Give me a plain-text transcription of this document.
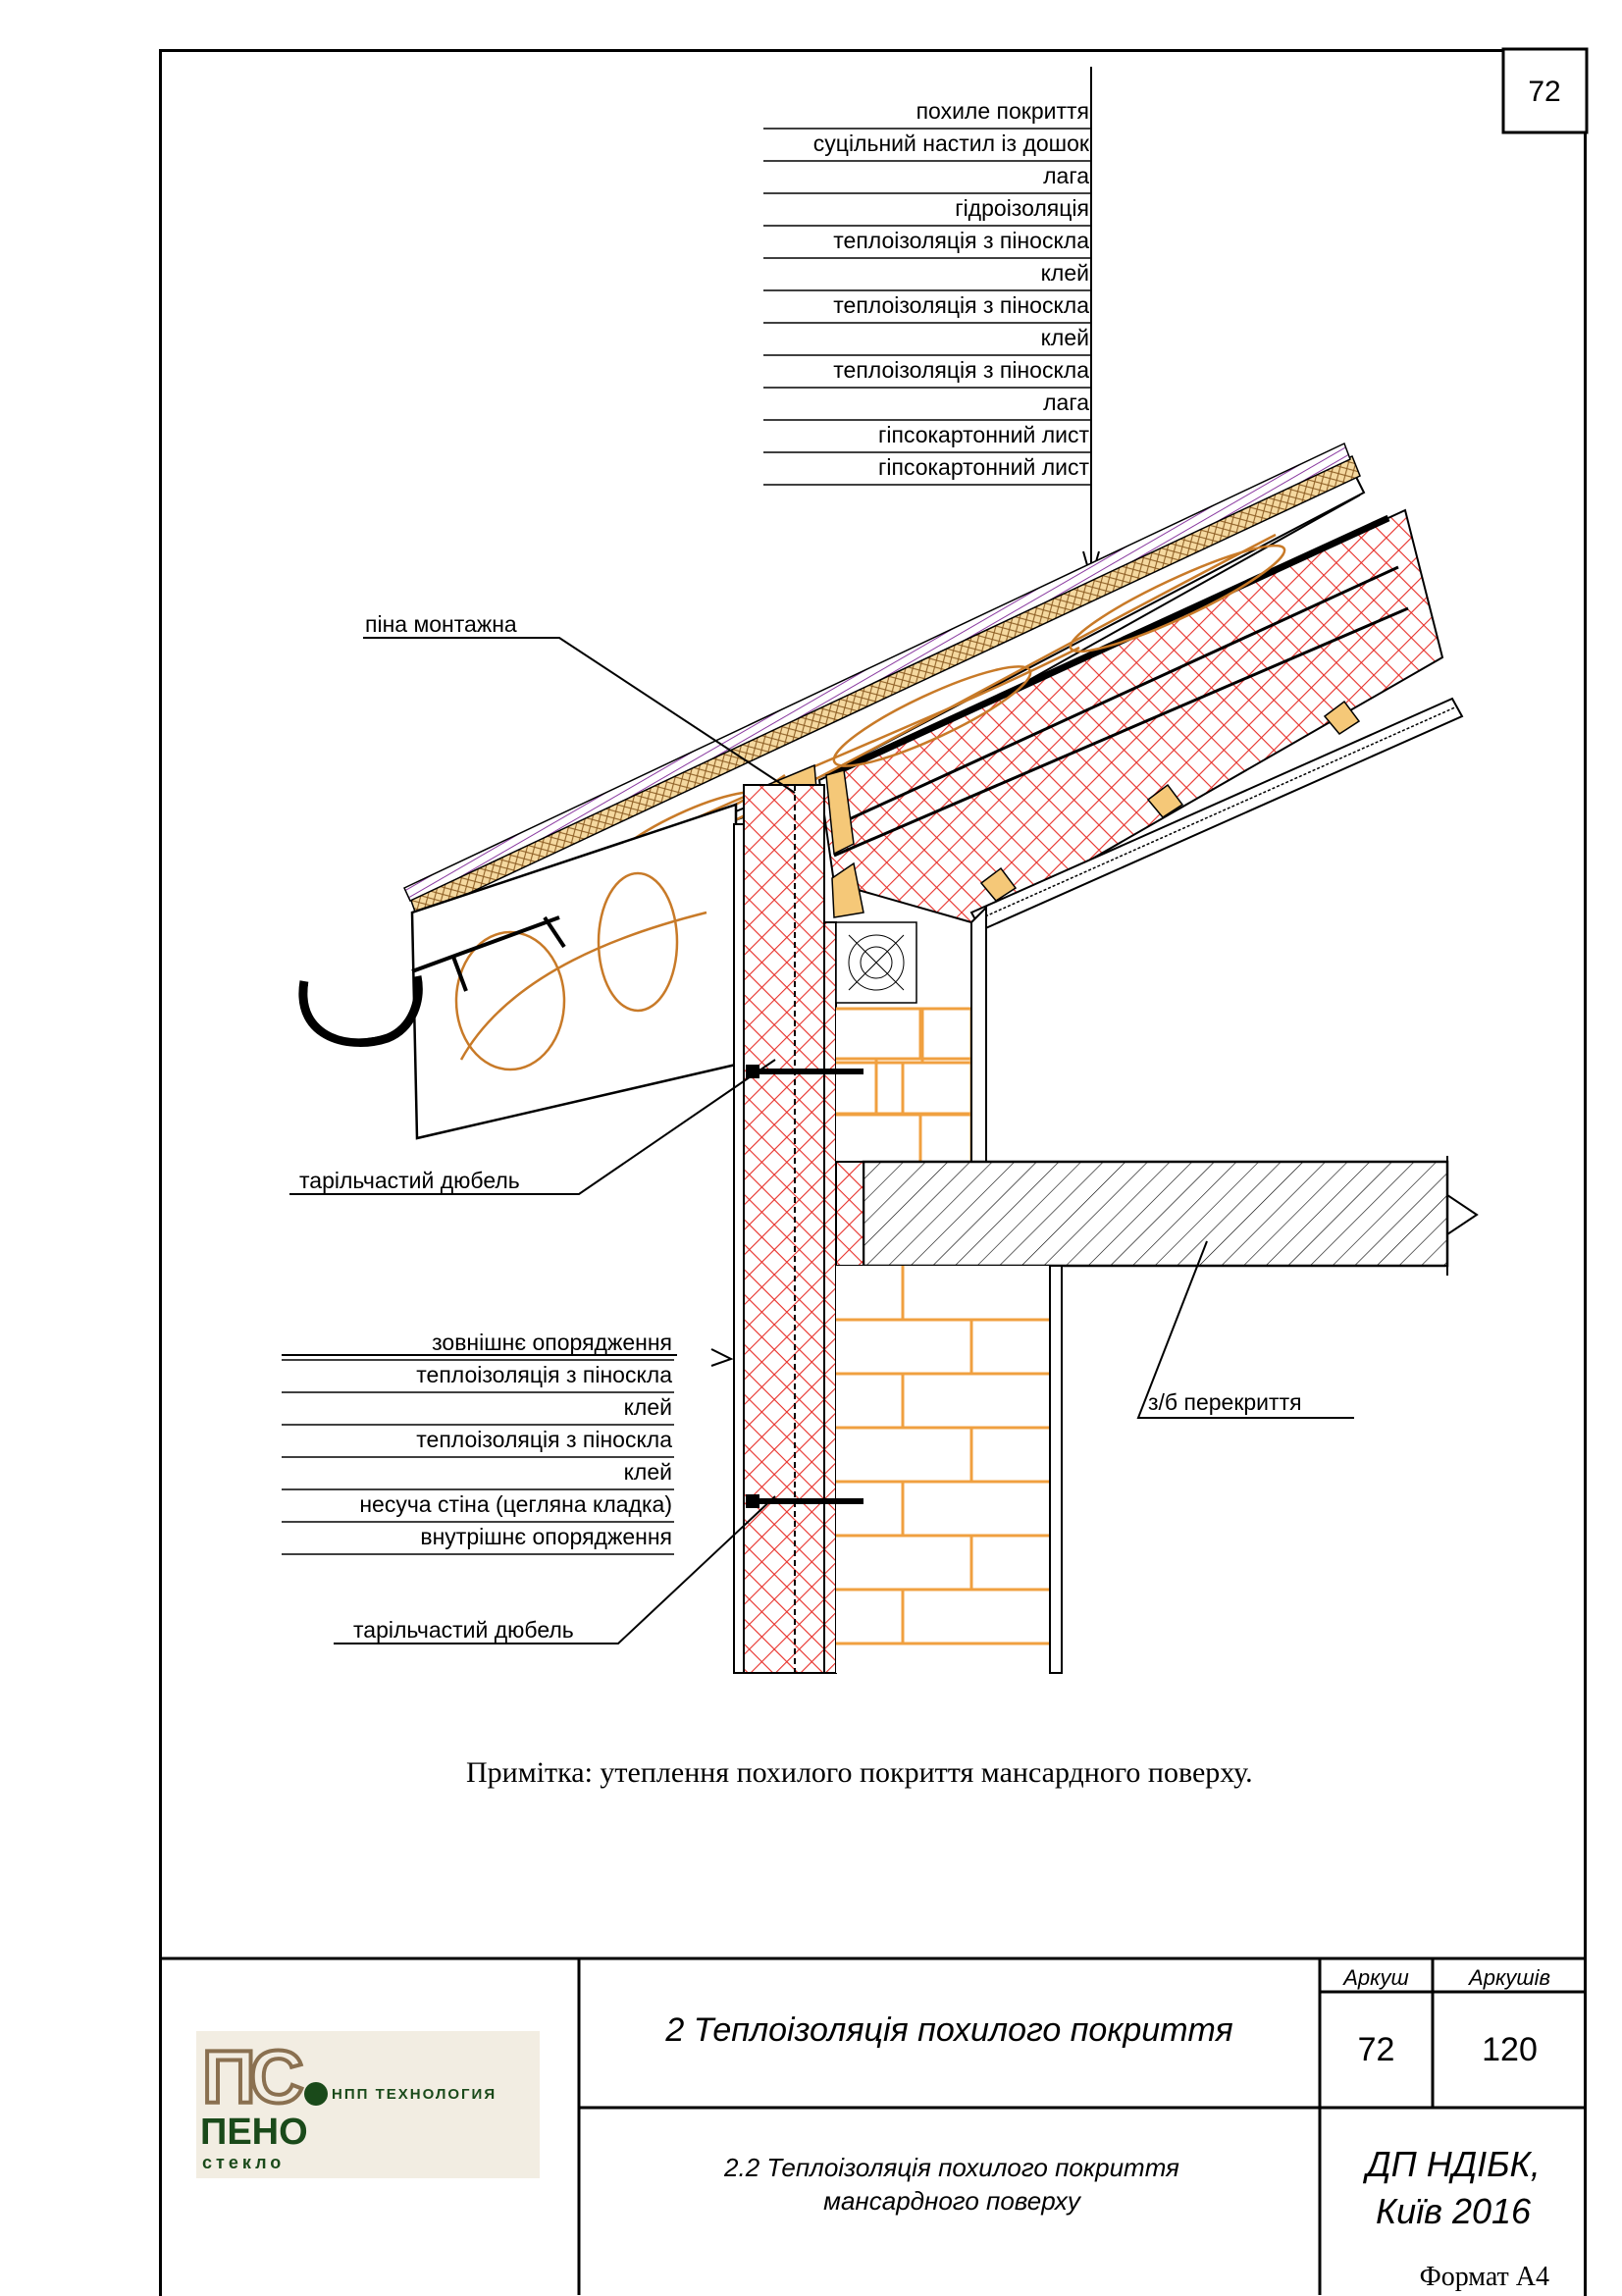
72
похиле покриття
суцільний настил із дошок
лага
гідроізоляція
теплоізоляція з піноскла
клей
теплоізоляція з піноскла
клей
теплоізоляція з піноскла
лага
гіпсокартонний лист
гіпсокартонний лист
зовнішнє опорядження
теплоізоляція з піноскла
клей
теплоізоляція з піноскла
клей
несуча стіна (цегляна кладка)
внутрішнє опорядження
піна монтажна
тарільчастий дюбель
тарільчастий дюбель
з/б перекриття
Примітка: утеплення похилого покриття мансардного поверху.
ПС НПП ТЕХНОЛОГИЯ
ПЕНО
стекло
Аркуш	Аркушів
72	120
2 Теплоізоляція похилого покриття
2.2 Теплоізоляція похилого покриття мансардного поверху
ДП НДІБК,
Київ 2016
Формат А4
